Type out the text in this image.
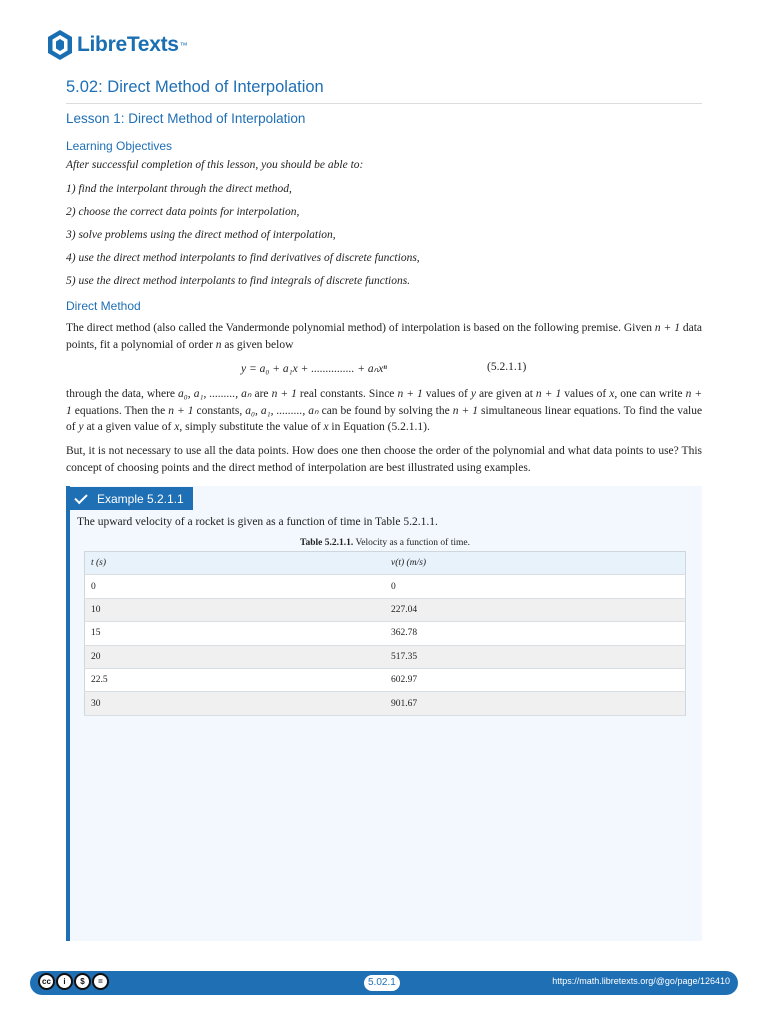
LibreTexts ™
5.02: Direct Method of Interpolation
Lesson 1: Direct Method of Interpolation
Learning Objectives

After successful completion of this lesson, you should be able to:

1) find the interpolant through the direct method,
2) choose the correct data points for interpolation,
3) solve problems using the direct method of interpolation,
4) use the direct method interpolants to find derivatives of discrete functions,
5) use the direct method interpolants to find integrals of discrete functions.
Direct Method

The direct method (also called the Vandermonde polynomial method) of interpolation is based on the following premise. Given n + 1 data points, fit a polynomial of order n as given below

y = a₀ + a₁x + ............... + aₙxⁿ	(5.2.1.1)

through the data, where a₀, a₁, ........., aₙ are n + 1 real constants. Since n + 1 values of y are given at n + 1 values of x, one can write n + 1 equations. Then the n + 1 constants, a₀, a₁, ........., aₙ can be found by solving the n + 1 simultaneous linear equations. To find the value of y at a given value of x, simply substitute the value of x in Equation (5.2.1.1).

But, it is not necessary to use all the data points. How does one then choose the order of the polynomial and what data points to use? This concept of choosing points and the direct method of interpolation are best illustrated using examples.

Example 5.2.1.1

The upward velocity of a rocket is given as a function of time in Table 5.2.1.1.

Table 5.2.1.1. Velocity as a function of time.
t (s)	v(t) (m/s)
0	0
10	227.04
15	362.78
20	517.35
22.5	602.97
30	901.67
cc	i	$	=	5.02.1	https://math.libretexts.org/@go/page/126410
